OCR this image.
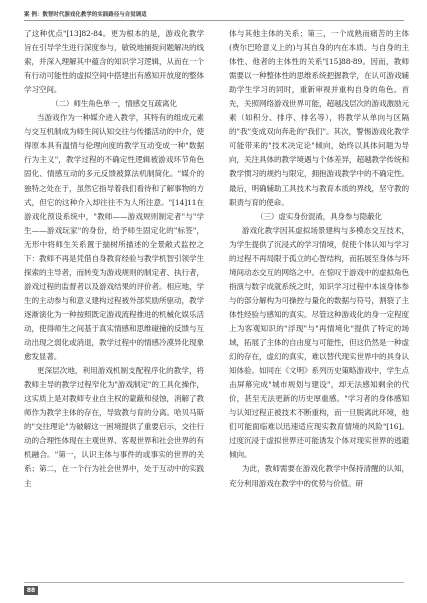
案 例：数智时代游戏化教学的实践路径与自觉调适

了这种优点"[13]82-84。更为根本的是，游戏化教学旨在引导学生进行深度参与，敏锐地捕捉问题解决的线索，并深入理解其中蕴含的知识学习逻辑，从而在一个有行动可能性的虚拟空间中搭建出有感知开放度的整体学习空间。

（二）师生角色单一，情感交互疏离化

当游戏作为一种媒介进入教学，其特有的组成元素与交互机制成为师生间认知交往与传播活动的中介，使得原本具有温情与伦理向度的教学互动变成一种"数据行为主义"，教学过程的不确定性逻辑被游戏环节角色固化、情感互动的多元反馈被算法机制简化。"媒介的独特之处在于，虽然它指导着我们看待和了解事物的方式，但它的这种介入却往往不为人所注意。"[14]11在游戏化预设系统中，"教师——游戏规则制定者"与"学生——游戏玩家"的身份，给予师生固定化的"标签"，无形中将师生关系置于揣树所描述的全景敞式监控之下：教师不再是凭借自身教育经验与教学机智引领学生探索的主导者，而转变为游戏规则的制定者、执行者，游戏过程的监督者以及游戏结果的评价者。相应地，学生的主动参与和意义建构过程被外部奖励所驱动，教学逐渐演化为一种按照既定游戏流程推进的机械化娱乐活动，使得师生之间基于真实情感和思维碰撞的反馈与互动出现之弱化或消退，教学过程中的情感冷漠异化现象愈发显著。

更深层次地，利用游戏机制支配程序化的教学，将教师主导的教学过程窄化为"游戏制定"的工具化操作，这实质上是对教师专业自主权的蒙蔽和侵蚀，消解了教师作为教学主体的存在，导致教与育的分离。哈贝马斯的"交往理论"为破解这一困境提供了重要启示，交往行动的合理性体现在主观世界、客观世界和社会世界的有机融合。"第一，认识主体与事件的或事实的世界的关系；第二，在一个行为社会世界中，处于互动中的实践主

体与其他主体的关系；第三，一个成熟而痛苦的主体(费尔巴哈意义上的)与其自身的内在本质、与自身的主体性、他者的主体性的关系"[15]88-89。因而，教师需要以一种整体性的思维系统把握教学，在认可游戏辅助学生学习的同时，重新审视并重构自身的角色。首先，关照网络游戏世界可能，超越浅层次的游戏激励元素（如积分、排序、排名等），将教学从单向与区隔的"我"变成双向奔赴的"我们"。其次，警惕游戏化教学可能带来的"技术决定论"倾向，始终以具体问题为导向，关注具体的教学境遇与个体差异，超越教学传统和教学惯习的规约与限定，拥抱游戏教学中的不确定性。最后，明确辅助工具技术与教育本质的界线，坚守教的职责与育的使命。

（三）虚实身份混淆，具身参与隐蔽化

游戏化教学因其虚拟场景建构与多模态交互技术，为学生提供了沉浸式的学习情境，促使个体认知与学习的过程不再局限于孤立的心智结构，而拓展至身体与环境间动态交互的网络之中。在惊叹于游戏中的虚拟角色指演与数字成就系统之时，知识学习过程中本该身体参与的部分解构为可操控与量化的数据与符号，割裂了主体性经验与感知的真实。尽管这种游戏化的身一定程度上为客观知识的"浮现"与"再情境化"提供了特定的场域，拓展了主体的自由度与可能性，但这仍然是一种虚幻的存在，虚幻的真实，难以替代现实世界中的具身认知体验。如同在《文明》系列历史策略游戏中，学生点击屏幕完成"城市规划与建设"，却无法感知剩余的代价，甚至无法更新的历史厚重感。"学习者的身体感知与认知过程正被技术不断重构，而一旦脱离此环境，他们可能面临难以迅速适应现实教育情境的风险"[16]。过度沉浸于虚拟世界还可能诱发个体对现实世界的逃避倾向。

为此，教师需要在游戏化教学中保持清醒的认知，充分利用游戏在教学中的优势与价值。研

88
